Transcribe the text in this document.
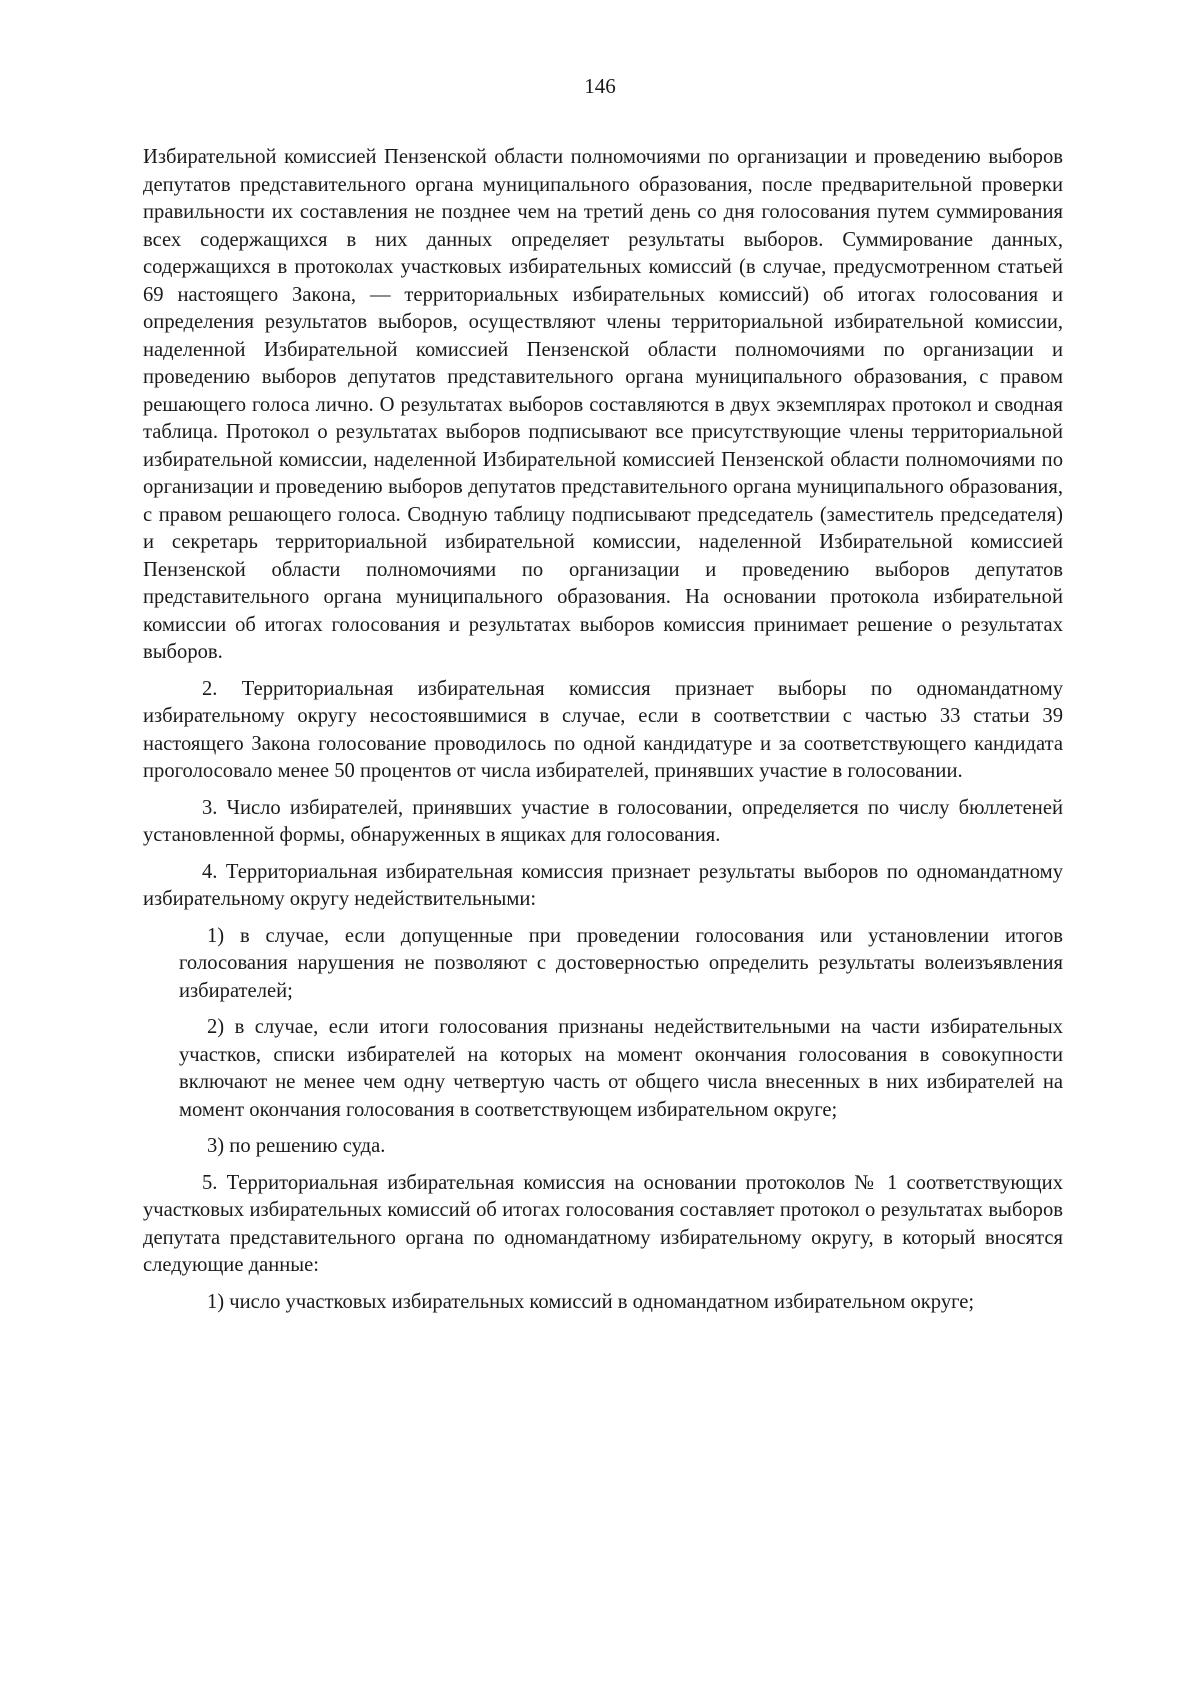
146

Избирательной комиссией Пензенской области полномочиями по организации и проведению выборов депутатов представительного органа муниципального образования, после предварительной проверки правильности их составления не позднее чем на третий день со дня голосования путем суммирования всех содержащихся в них данных определяет результаты выборов. Суммирование данных, содержащихся в протоколах участковых избирательных комиссий (в случае, предусмотренном статьей 69 настоящего Закона, — территориальных избирательных комиссий) об итогах голосования и определения результатов выборов, осуществляют члены территориальной избирательной комиссии, наделенной Избирательной комиссией Пензенской области полномочиями по организации и проведению выборов депутатов представительного органа муниципального образования, с правом решающего голоса лично. О результатах выборов составляются в двух экземплярах протокол и сводная таблица. Протокол о результатах выборов подписывают все присутствующие члены территориальной избирательной комиссии, наделенной Избирательной комиссией Пензенской области полномочиями по организации и проведению выборов депутатов представительного органа муниципального образования, с правом решающего голоса. Сводную таблицу подписывают председатель (заместитель председателя) и секретарь территориальной избирательной комиссии, наделенной Избирательной комиссией Пензенской области полномочиями по организации и проведению выборов депутатов представительного органа муниципального образования. На основании протокола избирательной комиссии об итогах голосования и результатах выборов комиссия принимает решение о результатах выборов.

2. Территориальная избирательная комиссия признает выборы по одномандатному избирательному округу несостоявшимися в случае, если в соответствии с частью 33 статьи 39 настоящего Закона голосование проводилось по одной кандидатуре и за соответствующего кандидата проголосовало менее 50 процентов от числа избирателей, принявших участие в голосовании.

3. Число избирателей, принявших участие в голосовании, определяется по числу бюллетеней установленной формы, обнаруженных в ящиках для голосования.

4. Территориальная избирательная комиссия признает результаты выборов по одномандатному избирательному округу недействительными:

1) в случае, если допущенные при проведении голосования или установлении итогов голосования нарушения не позволяют с достоверностью определить результаты волеизъявления избирателей;

2) в случае, если итоги голосования признаны недействительными на части избирательных участков, списки избирателей на которых на момент окончания голосования в совокупности включают не менее чем одну четвертую часть от общего числа внесенных в них избирателей на момент окончания голосования в соответствующем избирательном округе;

3) по решению суда.

5. Территориальная избирательная комиссия на основании протоколов № 1 соответствующих участковых избирательных комиссий об итогах голосования составляет протокол о результатах выборов депутата представительного органа по одномандатному избирательному округу, в который вносятся следующие данные:

1) число участковых избирательных комиссий в одномандатном избирательном округе;
